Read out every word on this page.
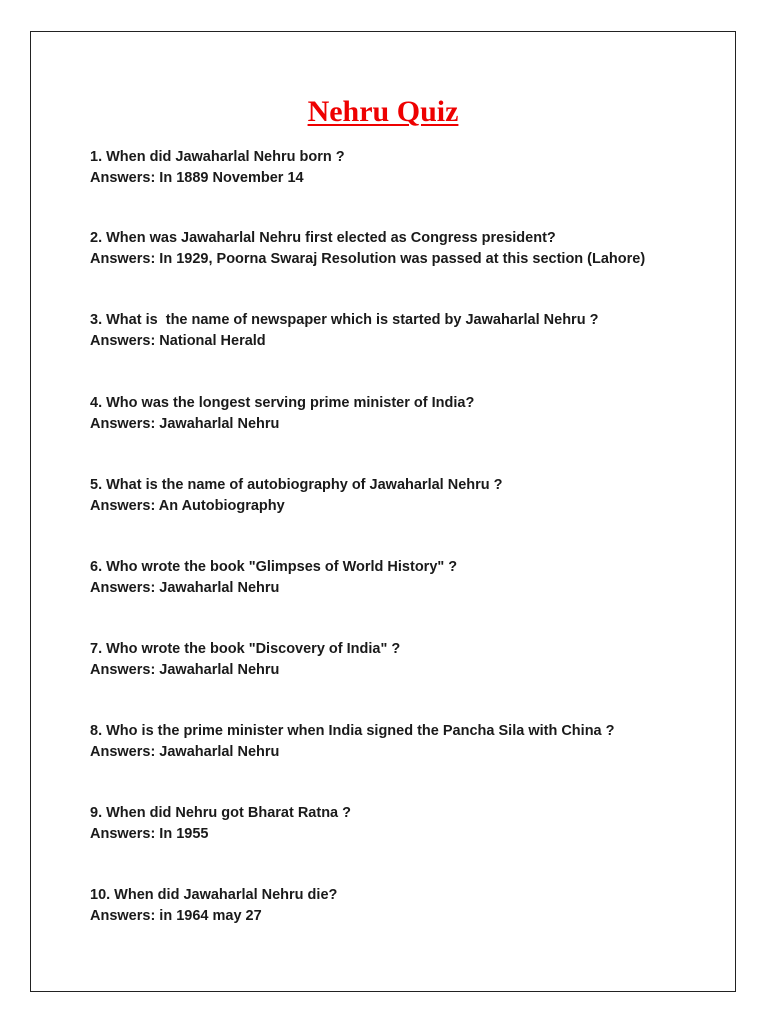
Nehru Quiz

1. When did Jawaharlal Nehru born ?

Answers: In 1889 November 14

2. When was Jawaharlal Nehru first elected as Congress president?

Answers: In 1929, Poorna Swaraj Resolution was passed at this section (Lahore)

3. What is  the name of newspaper which is started by Jawaharlal Nehru ?

Answers: National Herald

4. Who was the longest serving prime minister of India?

Answers: Jawaharlal Nehru

5. What is the name of autobiography of Jawaharlal Nehru ?

Answers: An Autobiography

6. Who wrote the book "Glimpses of World History" ?

Answers: Jawaharlal Nehru

7. Who wrote the book "Discovery of India" ?

Answers: Jawaharlal Nehru

8. Who is the prime minister when India signed the Pancha Sila with China ?

Answers: Jawaharlal Nehru

9. When did Nehru got Bharat Ratna ?

Answers: In 1955

10. When did Jawaharlal Nehru die?

Answers: in 1964 may 27
